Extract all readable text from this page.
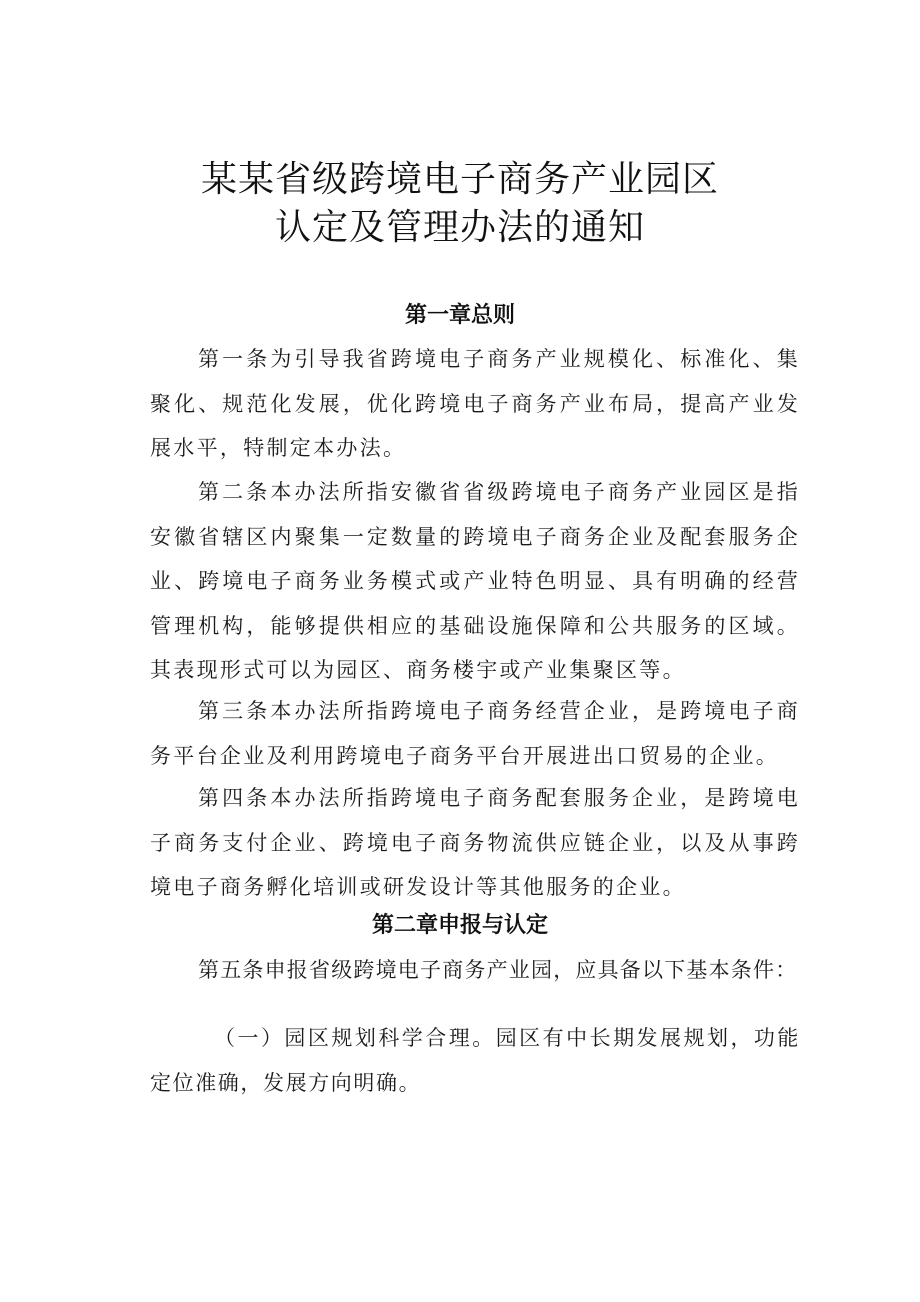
某某省级跨境电子商务产业园区
认定及管理办法的通知
第一章总则
第一条为引导我省跨境电子商务产业规模化、标准化、集聚化、规范化发展，优化跨境电子商务产业布局，提高产业发展水平，特制定本办法。
第二条本办法所指安徽省省级跨境电子商务产业园区是指安徽省辖区内聚集一定数量的跨境电子商务企业及配套服务企业、跨境电子商务业务模式或产业特色明显、具有明确的经营管理机构，能够提供相应的基础设施保障和公共服务的区域。其表现形式可以为园区、商务楼宇或产业集聚区等。
第三条本办法所指跨境电子商务经营企业，是跨境电子商务平台企业及利用跨境电子商务平台开展进出口贸易的企业。
第四条本办法所指跨境电子商务配套服务企业，是跨境电子商务支付企业、跨境电子商务物流供应链企业，以及从事跨境电子商务孵化培训或研发设计等其他服务的企业。
第二章申报与认定
第五条申报省级跨境电子商务产业园，应具备以下基本条件：
（一）园区规划科学合理。园区有中长期发展规划，功能定位准确，发展方向明确。
